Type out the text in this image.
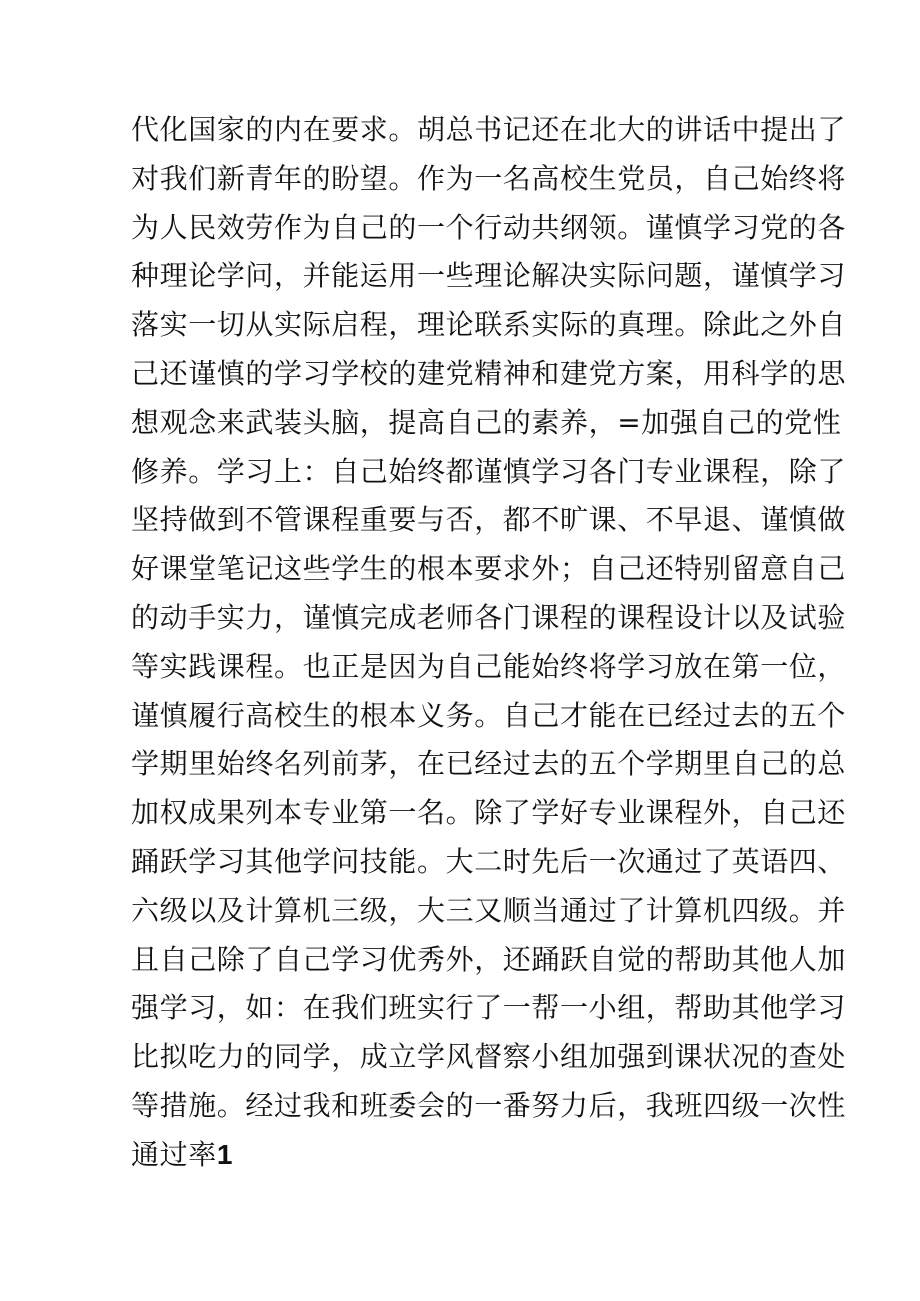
代化国家的内在要求。胡总书记还在北大的讲话中提出了
对我们新青年的盼望。作为一名高校生党员，自己始终将
为人民效劳作为自己的一个行动共纲领。谨慎学习党的各
种理论学问，并能运用一些理论解决实际问题，谨慎学习
落实一切从实际启程，理论联系实际的真理。除此之外自
己还谨慎的学习学校的建党精神和建党方案，用科学的思
想观念来武装头脑，提高自己的素养，=加强自己的党性
修养。学习上：自己始终都谨慎学习各门专业课程，除了
坚持做到不管课程重要与否，都不旷课、不早退、谨慎做
好课堂笔记这些学生的根本要求外；自己还特别留意自己
的动手实力，谨慎完成老师各门课程的课程设计以及试验
等实践课程。也正是因为自己能始终将学习放在第一位，
谨慎履行高校生的根本义务。自己才能在已经过去的五个
学期里始终名列前茅，在已经过去的五个学期里自己的总
加权成果列本专业第一名。除了学好专业课程外，自己还
踊跃学习其他学问技能。大二时先后一次通过了英语四、
六级以及计算机三级，大三又顺当通过了计算机四级。并
且自己除了自己学习优秀外，还踊跃自觉的帮助其他人加
强学习，如：在我们班实行了一帮一小组，帮助其他学习
比拟吃力的同学，成立学风督察小组加强到课状况的查处
等措施。经过我和班委会的一番努力后，我班四级一次性
通过率1
